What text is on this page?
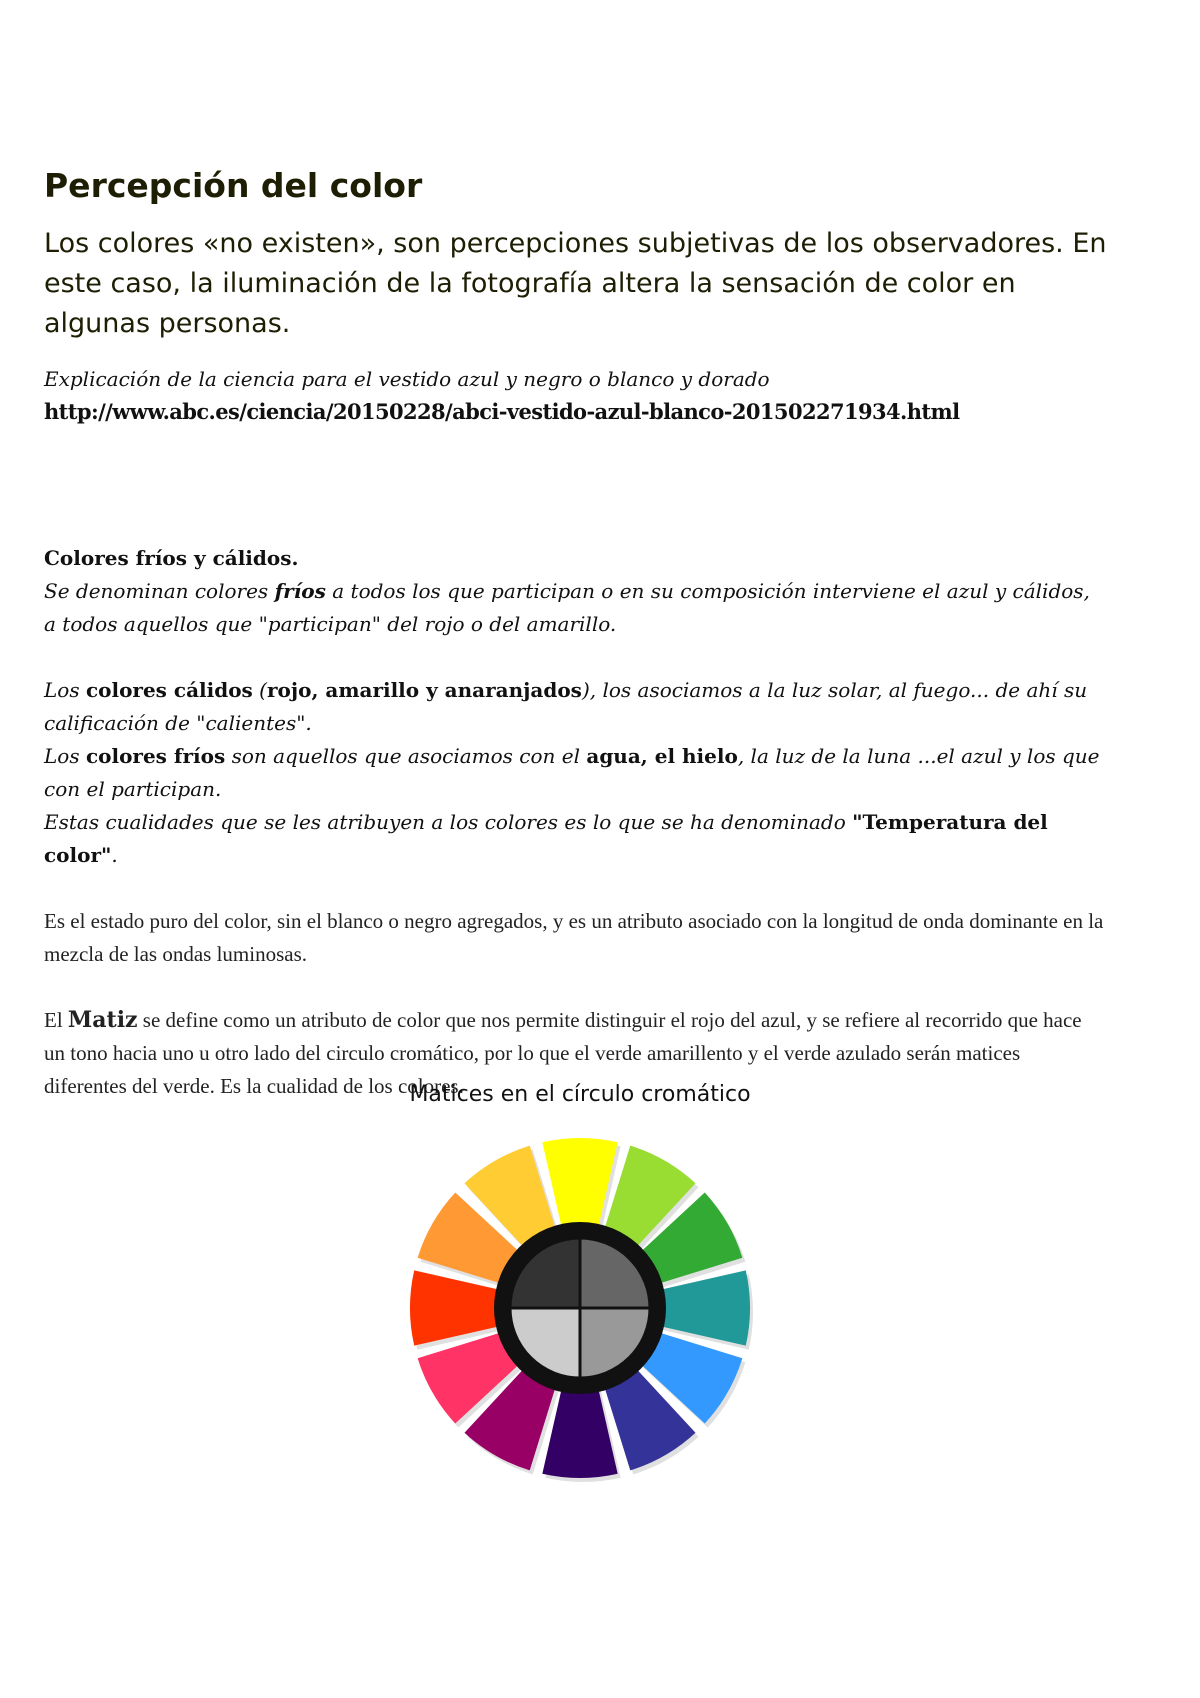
Percepción del color

Los colores «no existen», son percepciones subjetivas de los observadores. En este caso, la iluminación de la fotografía altera la sensación de color en algunas personas.

Explicación de la ciencia para el vestido azul y negro o blanco y dorado

http://www.abc.es/ciencia/20150228/abci-vestido-azul-blanco-201502271934.html

Colores fríos y cálidos.

Se denominan colores fríos a todos los que participan o en su composición interviene el azul y cálidos, a todos aquellos que "participan" del rojo o del amarillo.

Los colores cálidos (rojo, amarillo y anaranjados), los asociamos a la luz solar, al fuego... de ahí su calificación de "calientes".

Los colores fríos son aquellos que asociamos con el agua, el hielo, la luz de la luna ...el azul y los que con el participan.

Estas cualidades que se les atribuyen a los colores es lo que se ha denominado "Temperatura del color".

Es el estado puro del color, sin el blanco o negro agregados, y es un atributo asociado con la longitud de onda dominante en la mezcla de las ondas luminosas.

El Matiz se define como un atributo de color que nos permite distinguir el rojo del azul, y se refiere al recorrido que hace un tono hacia uno u otro lado del circulo cromático, por lo que el verde amarillento y el verde azulado serán matices diferentes del verde. Es la cualidad de los colores.

Matices en el círculo cromático
